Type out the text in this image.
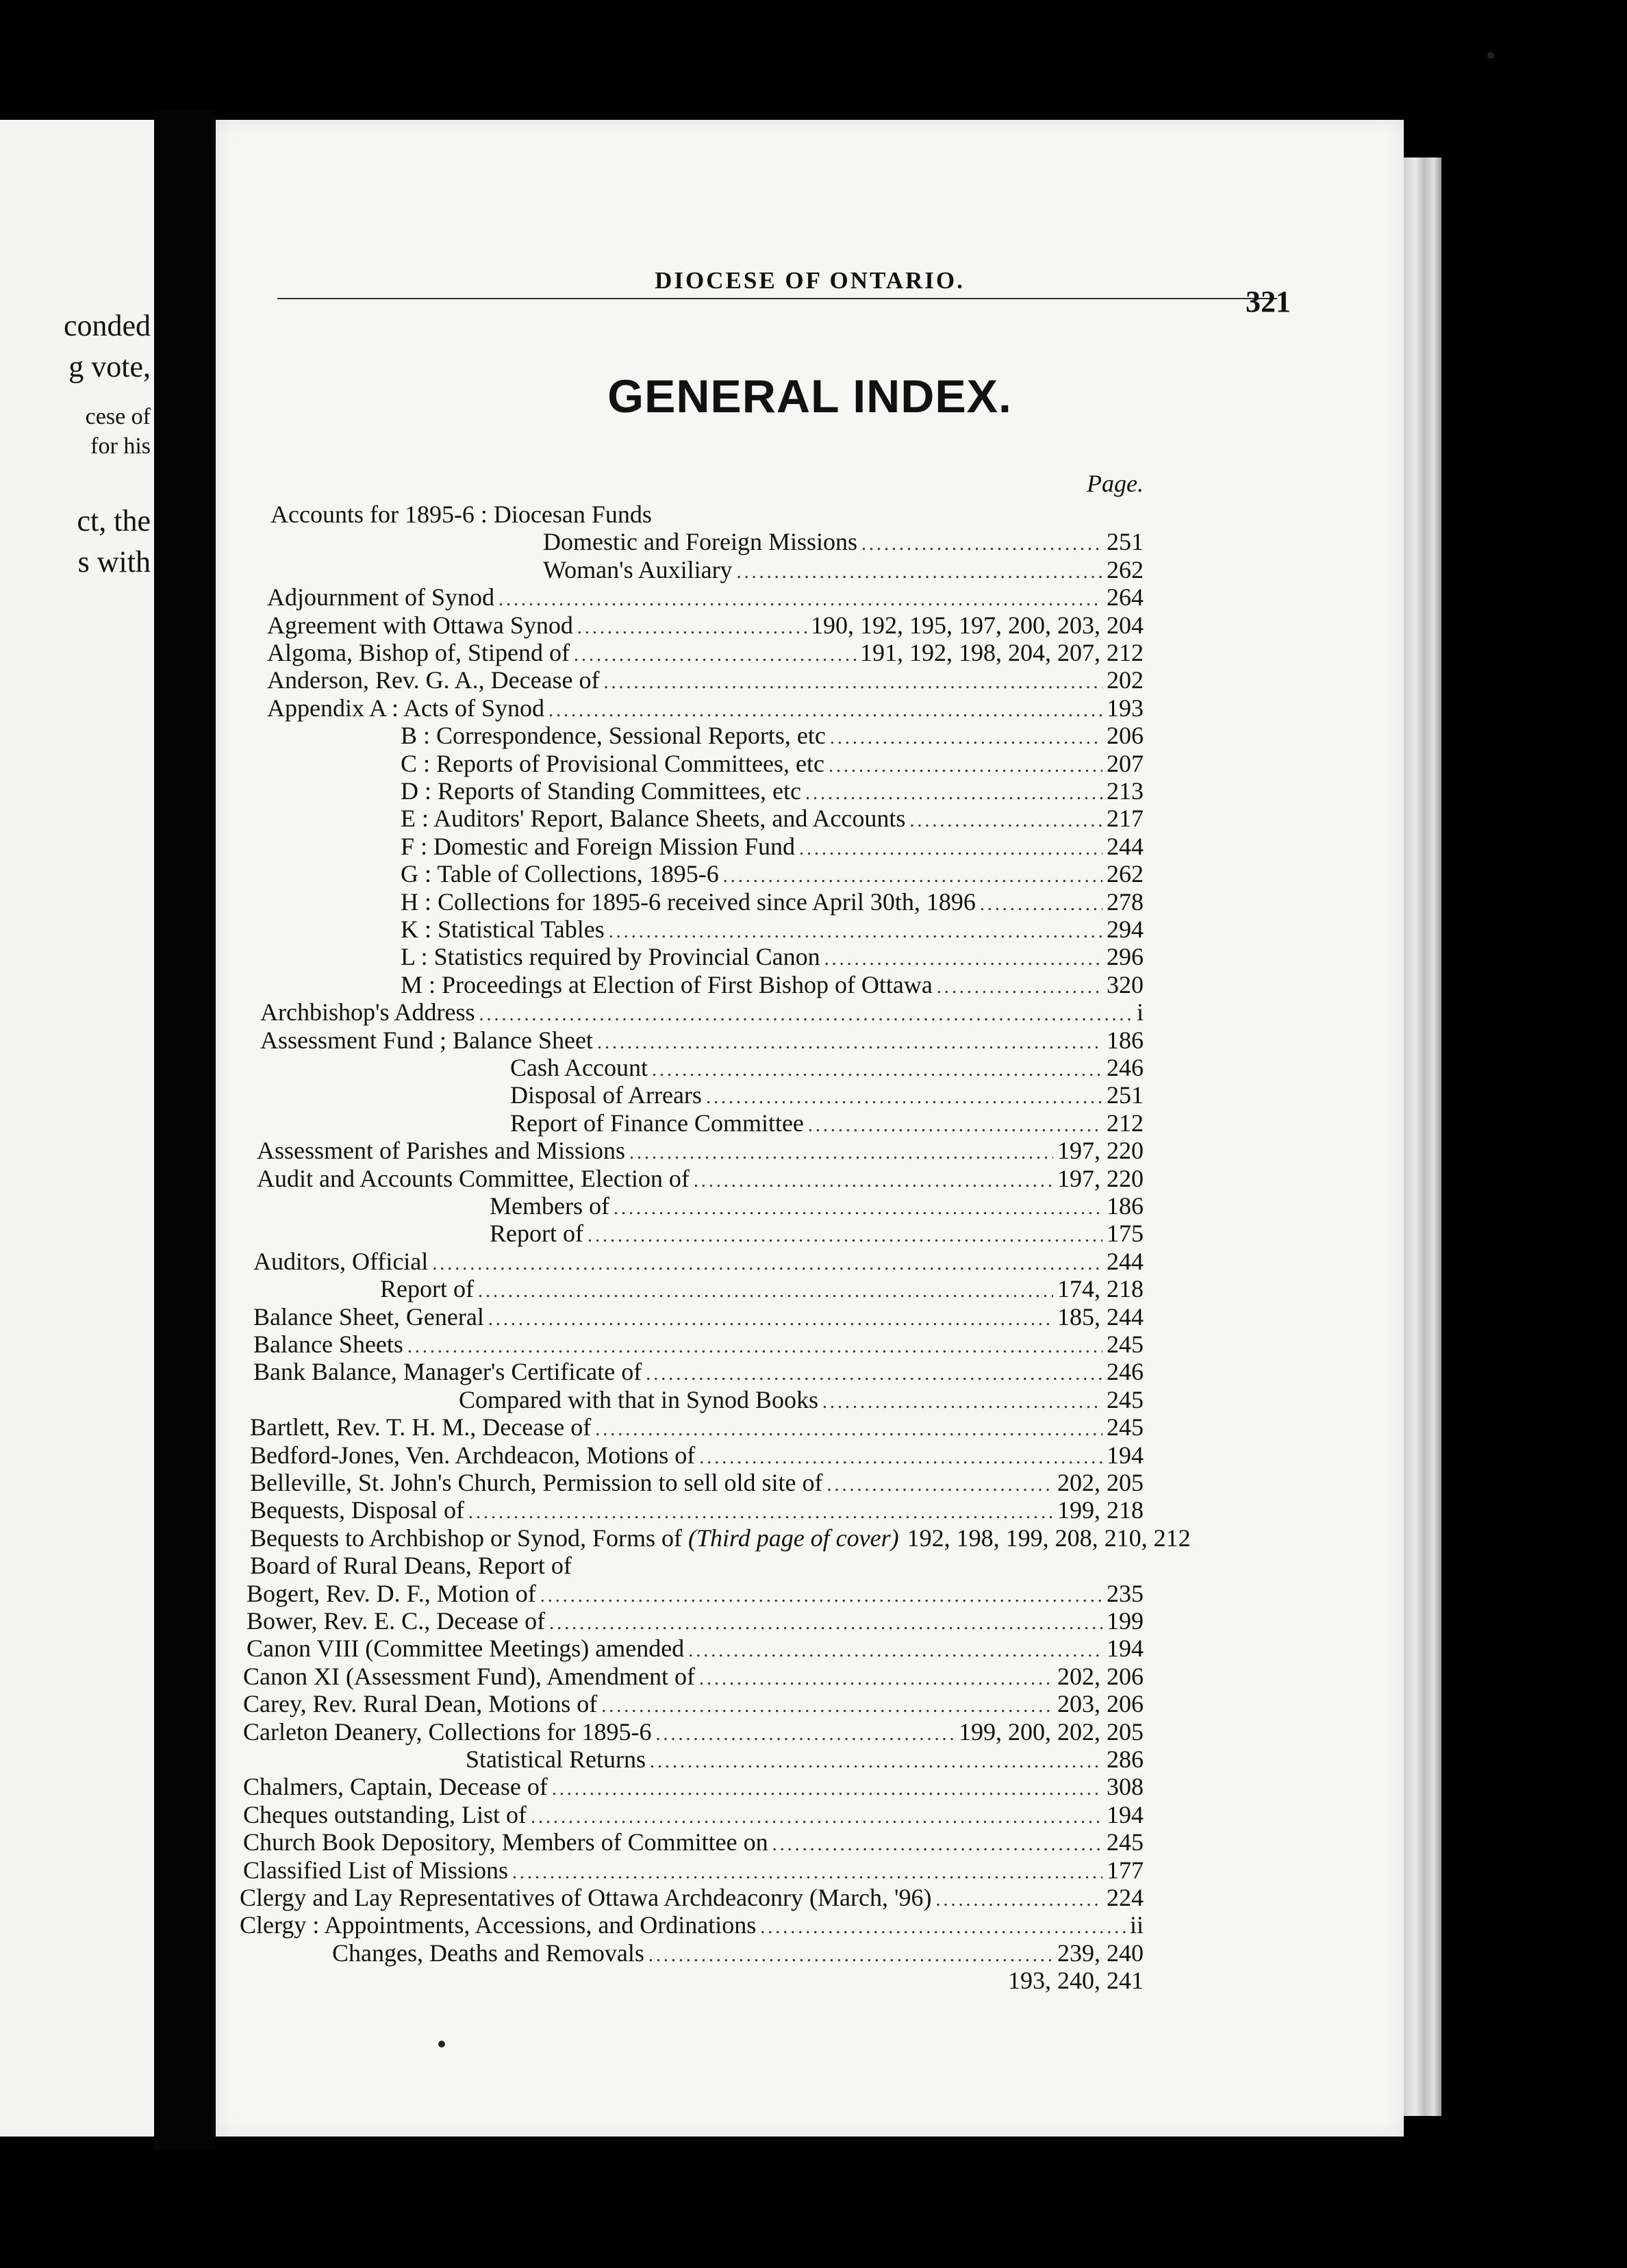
conded
g vote,
cese of
for his
ct, the
s with
DIOCESE OF ONTARIO.
321
GENERAL INDEX.
Page.
Accounts for 1895-6 : Diocesan Funds
Domestic and Foreign Missions .....	251
Woman's Auxiliary .....	262
Adjournment of Synod .....	264
Agreement with Ottawa Synod .....	190, 192, 195, 197, 200, 203, 204
Algoma, Bishop of, Stipend of .....	191, 192, 198, 204, 207, 212
Anderson, Rev. G. A., Decease of .....	202
Appendix A : Acts of Synod .....	193
B : Correspondence, Sessional Reports, etc .....	206
C : Reports of Provisional Committees, etc .....	207
D : Reports of Standing Committees, etc .....	213
E : Auditors' Report, Balance Sheets, and Accounts .....	217
F : Domestic and Foreign Mission Fund .....	244
G : Table of Collections, 1895-6 .....	262
H : Collections for 1895-6 received since April 30th, 1896 .....	278
K : Statistical Tables .....	294
L : Statistics required by Provincial Canon .....	296
M : Proceedings at Election of First Bishop of Ottawa .....	320
Archbishop's Address .....	i
Assessment Fund ; Balance Sheet .....	186
Cash Account .....	246
Disposal of Arrears .....	251
Report of Finance Committee .....	212
Assessment of Parishes and Missions .....	197, 220
Audit and Accounts Committee, Election of .....	197, 220
Members of .....	186
Report of .....	175
Auditors, Official .....	244
Report of .....	174, 218
Balance Sheet, General .....	185, 244
Balance Sheets .....	245
Bank Balance, Manager's Certificate of .....	246
Compared with that in Synod Books .....	245
Bartlett, Rev. T. H. M., Decease of .....	245
Bedford-Jones, Ven. Archdeacon, Motions of .....	194
Belleville, St. John's Church, Permission to sell old site of .....	202, 205
Bequests, Disposal of .....	199, 218
Bequests to Archbishop or Synod, Forms of (Third page of cover) 192, 198, 199, 208, 210, 212
Board of Rural Deans, Report of
Bogert, Rev. D. F., Motion of .....	235
Bower, Rev. E. C., Decease of .....	199
Canon VIII (Committee Meetings) amended .....	194
Canon XI (Assessment Fund), Amendment of .....	202, 206
Carey, Rev. Rural Dean, Motions of .....	203, 206
Carleton Deanery, Collections for 1895-6 .....	199, 200, 202, 205
Statistical Returns .....	286
Chalmers, Captain, Decease of .....	308
Cheques outstanding, List of .....	194
Church Book Depository, Members of Committee on .....	245
Classified List of Missions .....	177
Clergy and Lay Representatives of Ottawa Archdeaconry (March, '96) .....	224
Clergy : Appointments, Accessions, and Ordinations .....	ii
Changes, Deaths and Removals .....	239, 240
193, 240, 241
